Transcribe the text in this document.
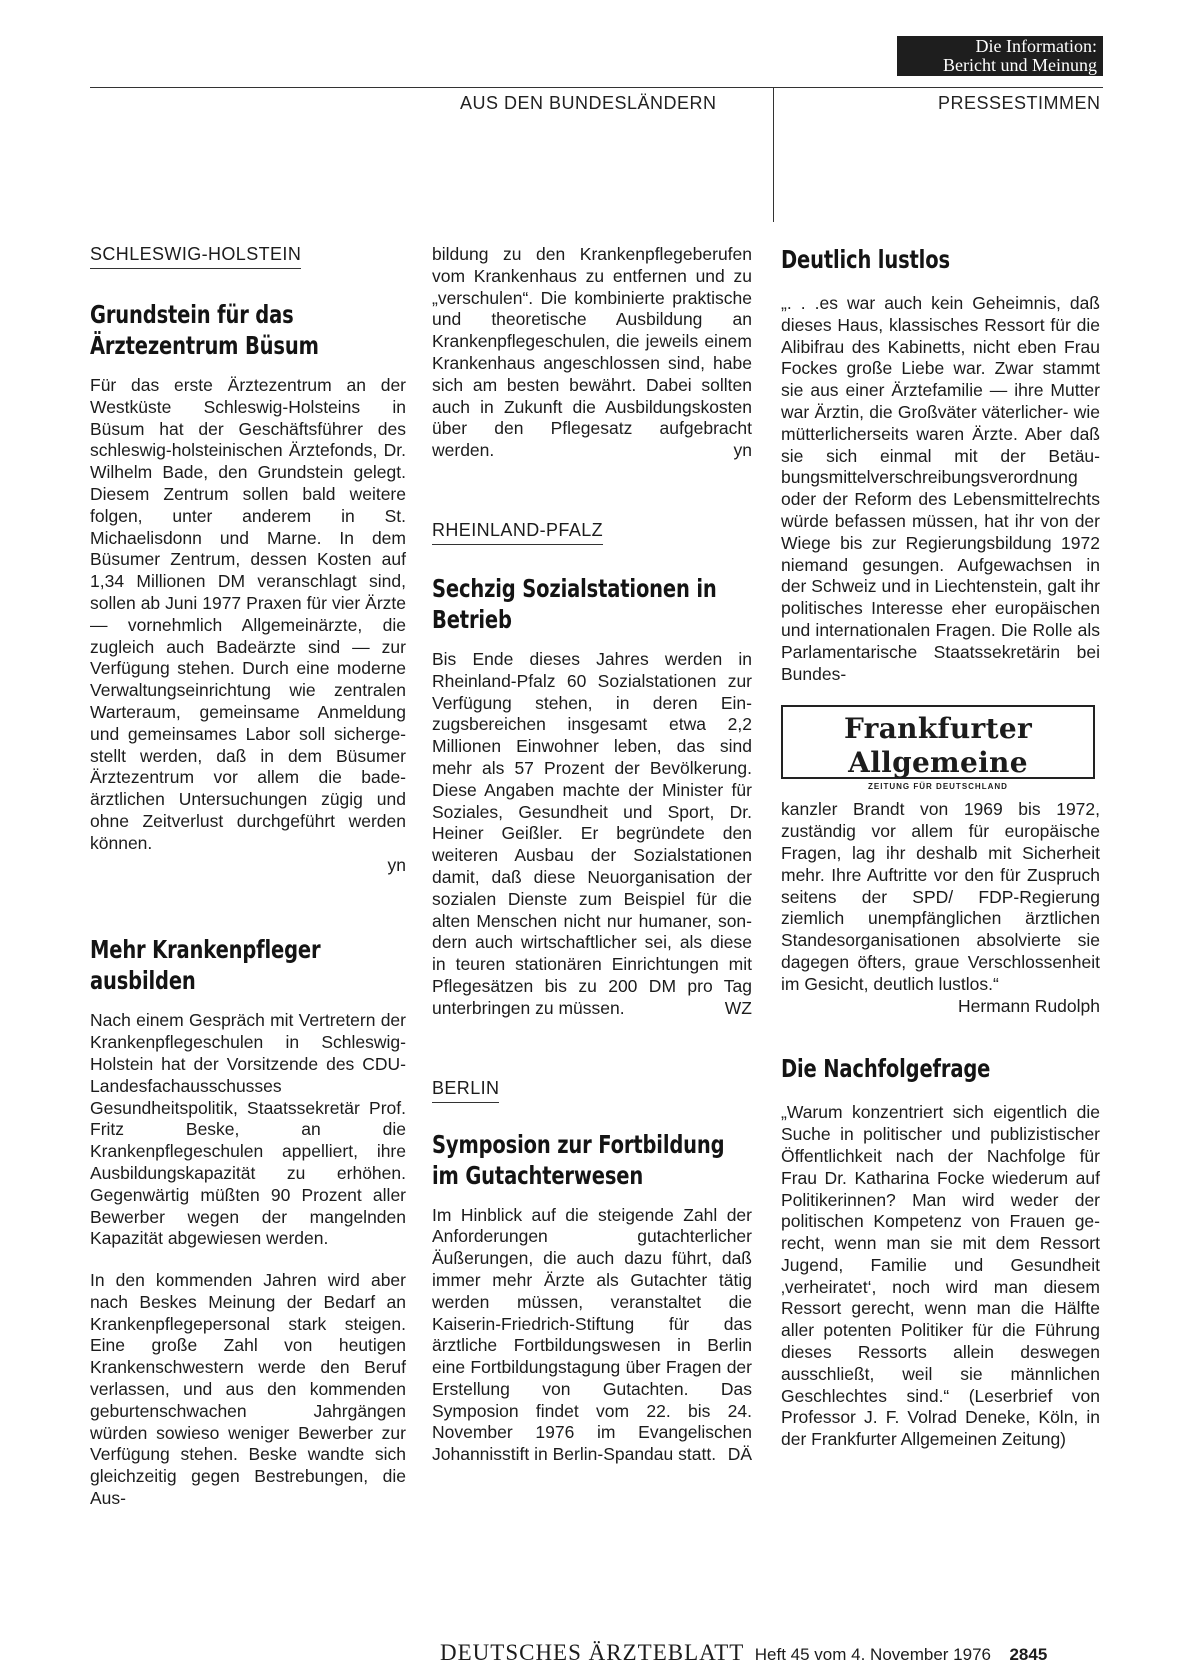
Die Information:
Bericht und Meinung
AUS DEN BUNDESLÄNDERN	PRESSESTIMMEN
SCHLESWIG-HOLSTEIN
Grundstein für das Ärztezentrum Büsum

Für das erste Ärztezentrum an der Westküste Schleswig-Holsteins in Büsum hat der Geschäftsführer des schleswig-holsteinischen Ärztefonds, Dr. Wilhelm Bade, den Grundstein gelegt. Diesem Zentrum sollen bald weitere folgen, unter anderem in St. Michaelisdonn und Marne. In dem Büsumer Zentrum, dessen Kosten auf 1,34 Millionen DM veranschlagt sind, sollen ab Juni 1977 Praxen für vier Ärzte — vornehmlich Allgemeinärzte, die zugleich auch Badeärzte sind — zur Verfügung stehen. Durch eine moderne Verwaltungseinrichtung wie zentralen Warteraum, gemeinsame Anmeldung und gemeinsames Labor soll sichergestellt werden, daß in dem Büsumer Ärztezentrum vor allem die badeärztlichen Untersuchungen zügig und ohne Zeitverlust durchgeführt werden können.

yn
Mehr Krankenpfleger ausbilden

Nach einem Gespräch mit Vertretern der Krankenpflegeschulen in Schleswig-Holstein hat der Vorsitzende des CDU-Landesfachausschusses Gesundheitspolitik, Staatssekretär Prof. Fritz Beske, an die Krankenpflegeschulen appelliert, ihre Ausbildungskapazität zu erhöhen. Gegenwärtig müßten 90 Prozent aller Bewerber wegen der mangelnden Kapazität abgewiesen werden.

In den kommenden Jahren wird aber nach Beskes Meinung der Bedarf an Krankenpflegepersonal stark steigen. Eine große Zahl von heutigen Krankenschwestern werde den Beruf verlassen, und aus den kommenden geburtenschwachen Jahrgängen würden sowieso weniger Bewerber zur Verfügung stehen. Beske wandte sich gleichzeitig gegen Bestrebungen, die Aus-

bildung zu den Krankenpflegeberufen vom Krankenhaus zu entfernen und zu „verschulen“. Die kombinierte praktische und theoretische Ausbildung an Krankenpflegeschulen, die jeweils einem Krankenhaus angeschlossen sind, habe sich am besten bewährt. Dabei sollten auch in Zukunft die Ausbildungskosten über den Pflegesatz aufgebracht werden.	yn
RHEINLAND-PFALZ
Sechzig Sozialstationen in Betrieb

Bis Ende dieses Jahres werden in Rheinland-Pfalz 60 Sozialstationen zur Verfügung stehen, in deren Einzugsbereichen insgesamt etwa 2,2 Millionen Einwohner leben, das sind mehr als 57 Prozent der Bevölkerung. Diese Angaben machte der Minister für Soziales, Gesundheit und Sport, Dr. Heiner Geißler. Er begründete den weiteren Ausbau der Sozialstationen damit, daß diese Neuorganisation der sozialen Dienste zum Beispiel für die alten Menschen nicht nur humaner, sondern auch wirtschaftlicher sei, als diese in teuren stationären Einrichtungen mit Pflegesätzen bis zu 200 DM pro Tag unterbringen zu müssen.	WZ
BERLIN
Symposion zur Fortbildung im Gutachterwesen

Im Hinblick auf die steigende Zahl der Anforderungen gutachterlicher Äußerungen, die auch dazu führt, daß immer mehr Ärzte als Gutachter tätig werden müssen, veranstaltet die Kaiserin-Friedrich-Stiftung für das ärztliche Fortbildungswesen in Berlin eine Fortbildungstagung über Fragen der Erstellung von Gutachten. Das Symposion findet vom 22. bis 24. November 1976 im Evangelischen Johannisstift in Berlin-Spandau statt. DÄ
Deutlich lustlos

„. . .es war auch kein Geheimnis, daß dieses Haus, klassisches Ressort für die Alibifrau des Kabinetts, nicht eben Frau Fockes große Liebe war. Zwar stammt sie aus einer Ärztefamilie — ihre Mutter war Ärztin, die Großväter väterlicher- wie mütterlicherseits waren Ärzte. Aber daß sie sich einmal mit der Betäubungsmittelverschreibungsverordnung oder der Reform des Lebensmittelrechts würde befassen müssen, hat ihr von der Wiege bis zur Regierungsbildung 1972 niemand gesungen. Aufgewachsen in der Schweiz und in Liechtenstein, galt ihr politisches Interesse eher europäischen und internationalen Fragen. Die Rolle als Parlamentarische Staatssekretärin bei Bundes-

Frankfurter Allgemeine
ZEITUNG FÜR DEUTSCHLAND

kanzler Brandt von 1969 bis 1972, zuständig vor allem für europäische Fragen, lag ihr deshalb mit Sicherheit mehr. Ihre Auftritte vor den für Zuspruch seitens der SPD/ FDP-Regierung ziemlich unempfänglichen ärztlichen Standesorganisationen absolvierte sie dagegen öfters, graue Verschlossenheit im Gesicht, deutlich lustlos.“

Hermann Rudolph
Die Nachfolgefrage

„Warum konzentriert sich eigentlich die Suche in politischer und publizistischer Öffentlichkeit nach der Nachfolge für Frau Dr. Katharina Focke wiederum auf Politikerinnen? Man wird weder der politischen Kompetenz von Frauen gerecht, wenn man sie mit dem Ressort Jugend, Familie und Gesundheit ‚verheiratet‘, noch wird man diesem Ressort gerecht, wenn man die Hälfte aller potenten Politiker für die Führung dieses Ressorts allein deswegen ausschließt, weil sie männlichen Geschlechtes sind.“ (Leserbrief von Professor J. F. Volrad Deneke, Köln, in der Frankfurter Allgemeinen Zeitung)

DEUTSCHES ÄRZTEBLATT Heft 45 vom 4. November 1976 2845
